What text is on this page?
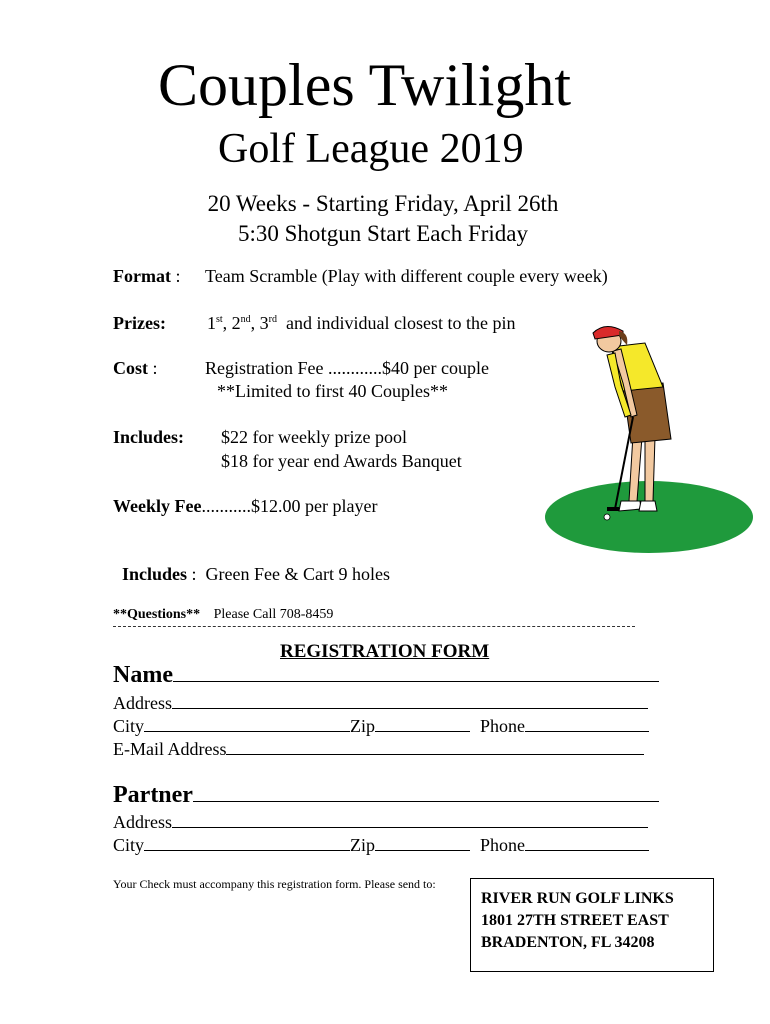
Couples Twilight
Golf League 2019
20 Weeks - Starting Friday, April 26th
5:30 Shotgun Start Each Friday
Format : Team Scramble (Play with different couple every week)
Prizes: 1st, 2nd, 3rd  and individual closest to the pin
Cost :	Registration Fee ............$40 per couple
**Limited to first 40 Couples**
Includes: $22 for weekly prize pool
$18 for year end Awards Banquet
Weekly Fee...........$12.00 per player

Includes :  Green Fee & Cart 9 holes

**Questions** Please Call 708-8459
REGISTRATION FORM
Name
Address
City	Zip	Phone
E-Mail Address
Partner
Address
City	Zip	Phone
Your Check must accompany this registration form. Please send to:
RIVER RUN GOLF LINKS
1801 27TH STREET EAST
BRADENTON, FL 34208
